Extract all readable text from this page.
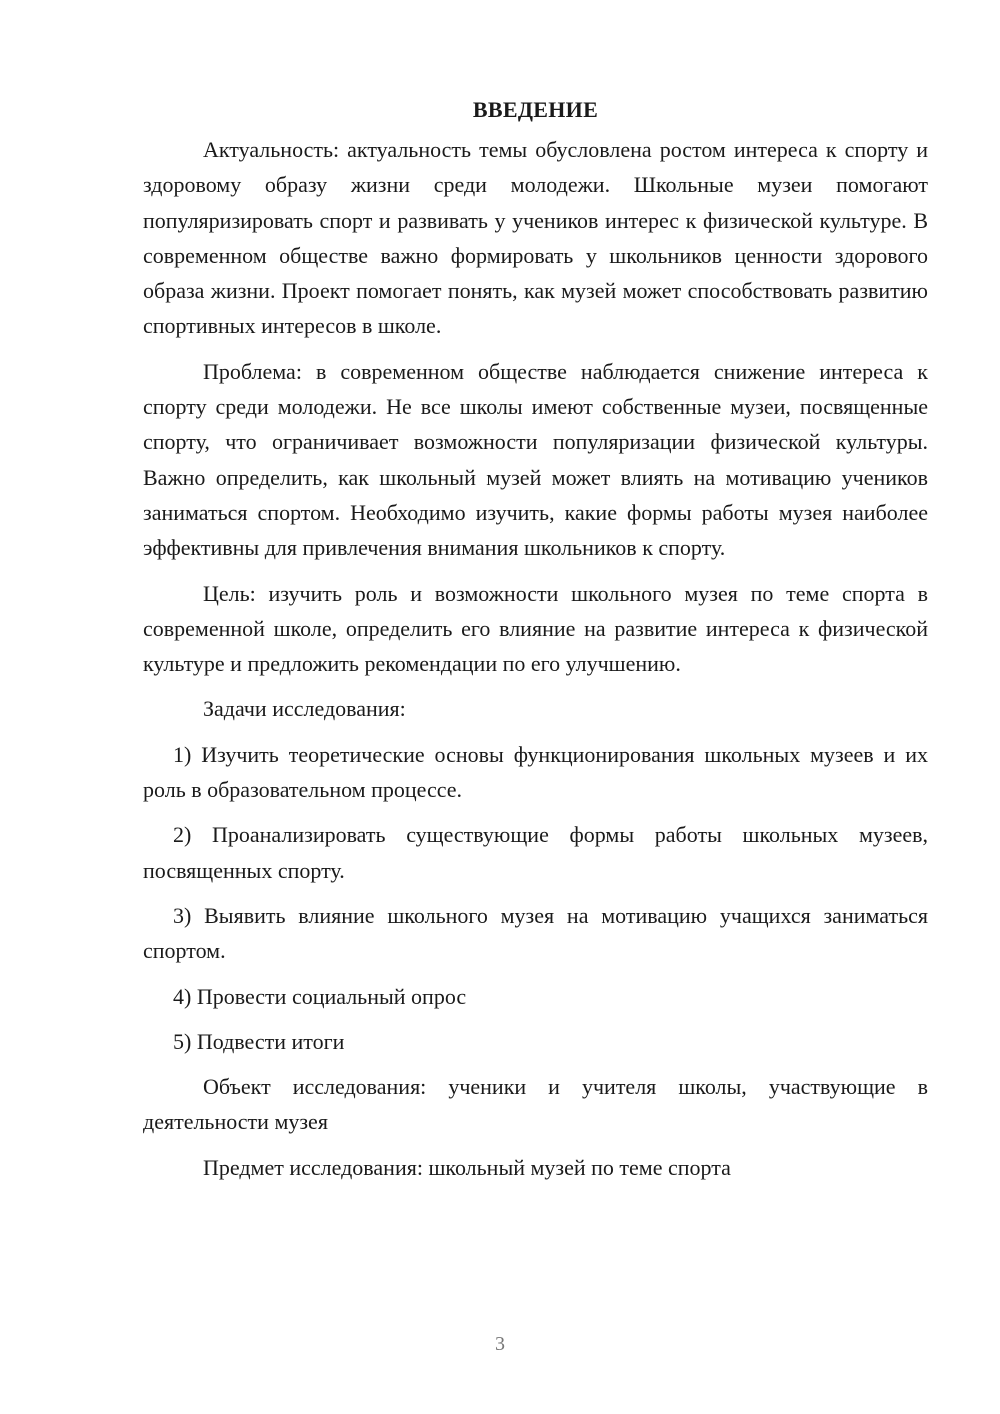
ВВЕДЕНИЕ

Актуальность: актуальность темы обусловлена ростом интереса к спорту и здоровому образу жизни среди молодежи. Школьные музеи помогают популяризировать спорт и развивать у учеников интерес к физической культуре. В современном обществе важно формировать у школьников ценности здорового образа жизни. Проект помогает понять, как музей может способствовать развитию спортивных интересов в школе.

Проблема: в современном обществе наблюдается снижение интереса к спорту среди молодежи. Не все школы имеют собственные музеи, посвященные спорту, что ограничивает возможности популяризации физической культуры. Важно определить, как школьный музей может влиять на мотивацию учеников заниматься спортом. Необходимо изучить, какие формы работы музея наиболее эффективны для привлечения внимания школьников к спорту.

Цель: изучить роль и возможности школьного музея по теме спорта в современной школе, определить его влияние на развитие интереса к физической культуре и предложить рекомендации по его улучшению.

Задачи исследования:

1) Изучить теоретические основы функционирования школьных музеев и их роль в образовательном процессе.

2) Проанализировать существующие формы работы школьных музеев, посвященных спорту.

3) Выявить влияние школьного музея на мотивацию учащихся заниматься спортом.

4) Провести социальный опрос

5) Подвести итоги

Объект исследования: ученики и учителя школы, участвующие в деятельности музея

Предмет исследования: школьный музей по теме спорта

3
